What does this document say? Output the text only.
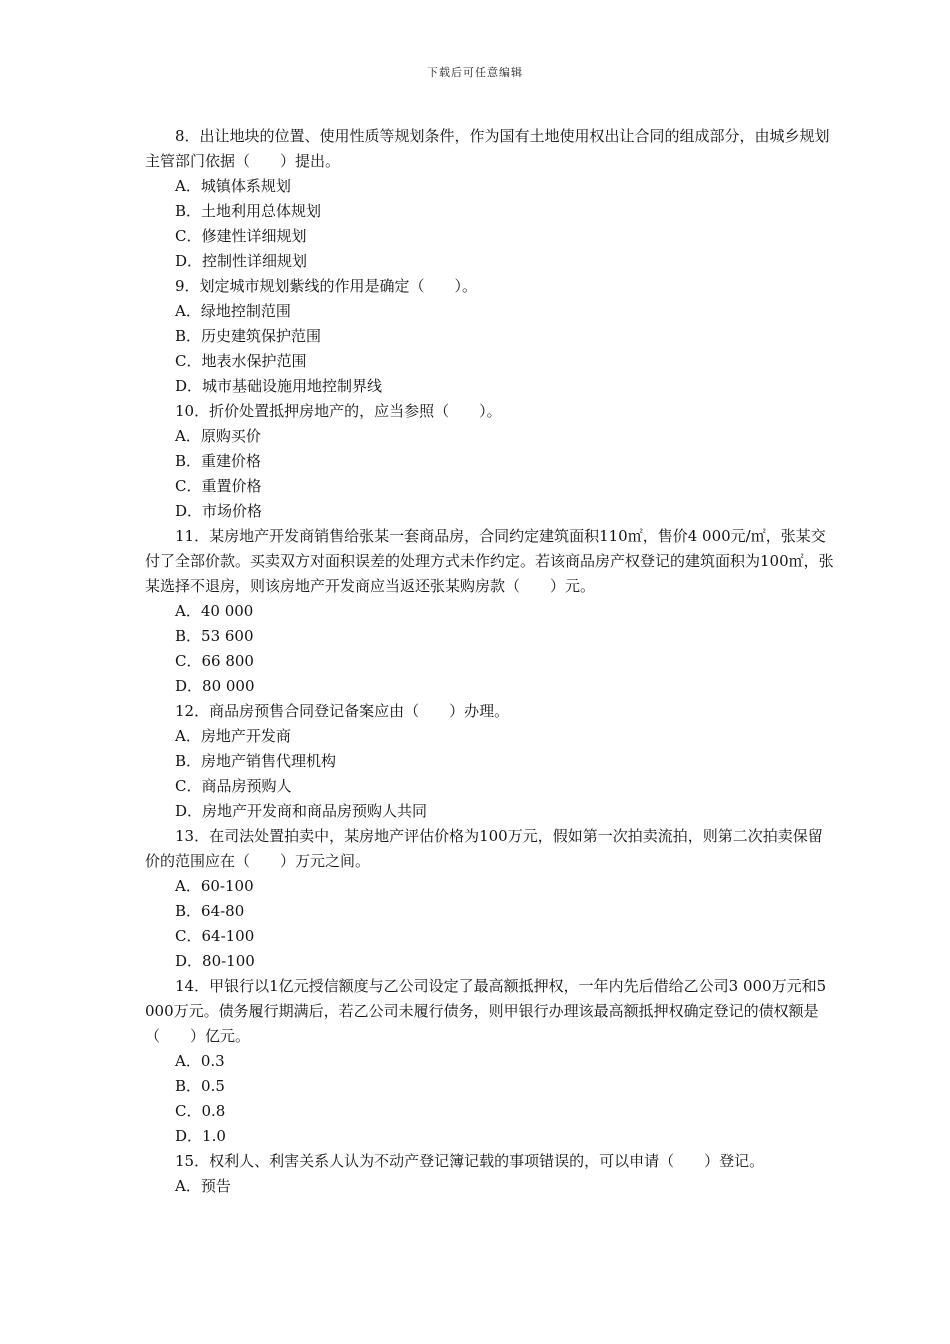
下载后可任意编辑

8．出让地块的位置、使用性质等规划条件，作为国有土地使用权出让合同的组成部分，由城乡规划主管部门依据（　　）提出。

A．城镇体系规划

B．土地利用总体规划

C．修建性详细规划

D．控制性详细规划

9．划定城市规划紫线的作用是确定（　　）。

A．绿地控制范围

B．历史建筑保护范围

C．地表水保护范围

D．城市基础设施用地控制界线

10．折价处置抵押房地产的，应当参照（　　）。

A．原购买价

B．重建价格

C．重置价格

D．市场价格

11．某房地产开发商销售给张某一套商品房，合同约定建筑面积110㎡，售价4 000元/㎡，张某交付了全部价款。买卖双方对面积误差的处理方式未作约定。若该商品房产权登记的建筑面积为100㎡，张某选择不退房，则该房地产开发商应当返还张某购房款（　　）元。

A．40 000

B．53 600

C．66 800

D．80 000

12．商品房预售合同登记备案应由（　　）办理。

A．房地产开发商

B．房地产销售代理机构

C．商品房预购人

D．房地产开发商和商品房预购人共同

13．在司法处置拍卖中，某房地产评估价格为100万元，假如第一次拍卖流拍，则第二次拍卖保留价的范围应在（　　）万元之间。

A．60-100

B．64-80

C．64-100

D．80-100

14．甲银行以1亿元授信额度与乙公司设定了最高额抵押权，一年内先后借给乙公司3 000万元和5 000万元。债务履行期满后，若乙公司未履行债务，则甲银行办理该最高额抵押权确定登记的债权额是（　　）亿元。

A．0.3

B．0.5

C．0.8

D．1.0

15．权利人、利害关系人认为不动产登记簿记载的事项错误的，可以申请（　　）登记。

A．预告
